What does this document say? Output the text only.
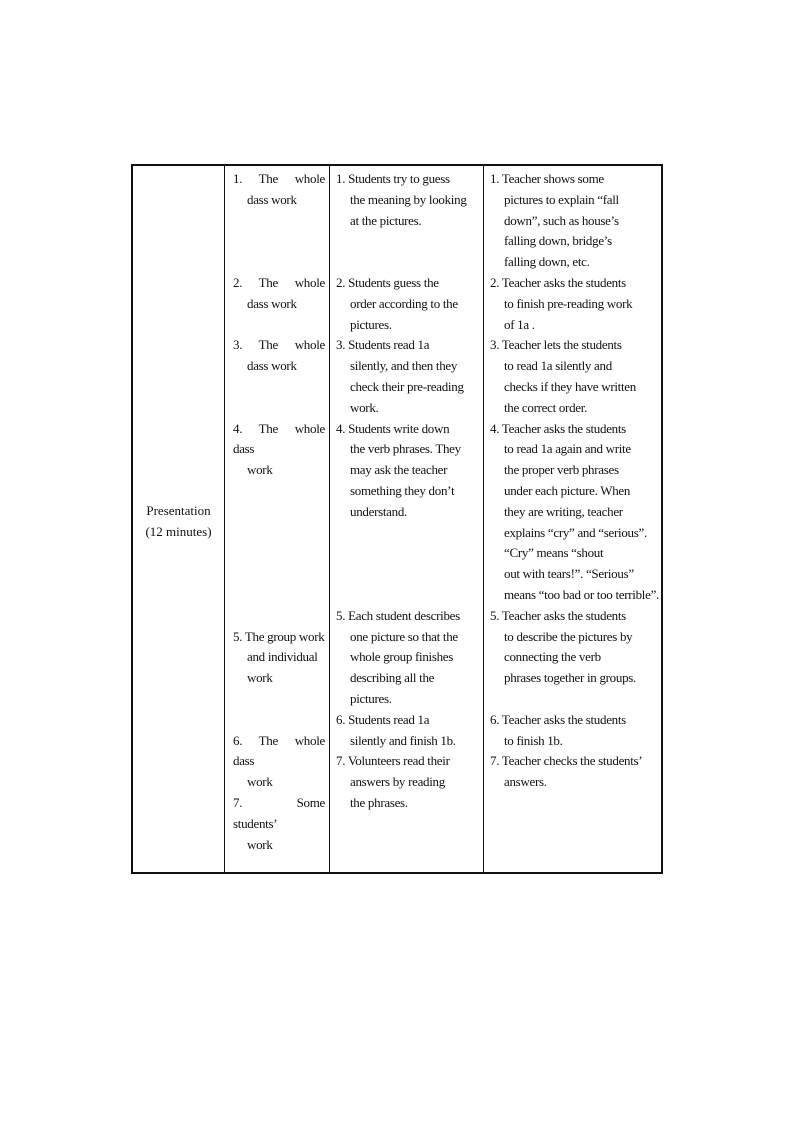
Presentation
(12 minutes)
1. The whole
dass work
2. The whole
dass work
3. The whole
dass work
4. The whole
dass
work
5. The group work
and individual
work
6. The whole
dass
work
7. Some
students’
work
1. Students try to guess
the meaning by looking
at the pictures.
2. Students guess the
order according to the
pictures.
3. Students read 1a
silently, and then they
check their pre-reading
work.
4. Students write down
the verb phrases. They
may ask the teacher
something they don’t
understand.
5. Each student describes
one picture so that the
whole group finishes
describing all the
pictures.
6. Students read 1a
silently and finish 1b.
7. Volunteers read their
answers by reading
the phrases.
1. Teacher shows some
pictures to explain “fall
down”, such as house’s
falling down, bridge’s
falling down, etc.
2. Teacher asks the students
to finish pre-reading work
of 1a .
3. Teacher lets the students
to read 1a silently and
checks if they have written
the correct order.
4. Teacher asks the students
to read 1a again and write
the proper verb phrases
under each picture. When
they are writing, teacher
explains “cry” and “serious”.
“Cry” means “shout
out with tears!”. “Serious”
means “too bad or too terrible”.
5. Teacher asks the students
to describe the pictures by
connecting the verb
phrases together in groups.
6. Teacher asks the students
to finish 1b.
7. Teacher checks the students’
answers.
